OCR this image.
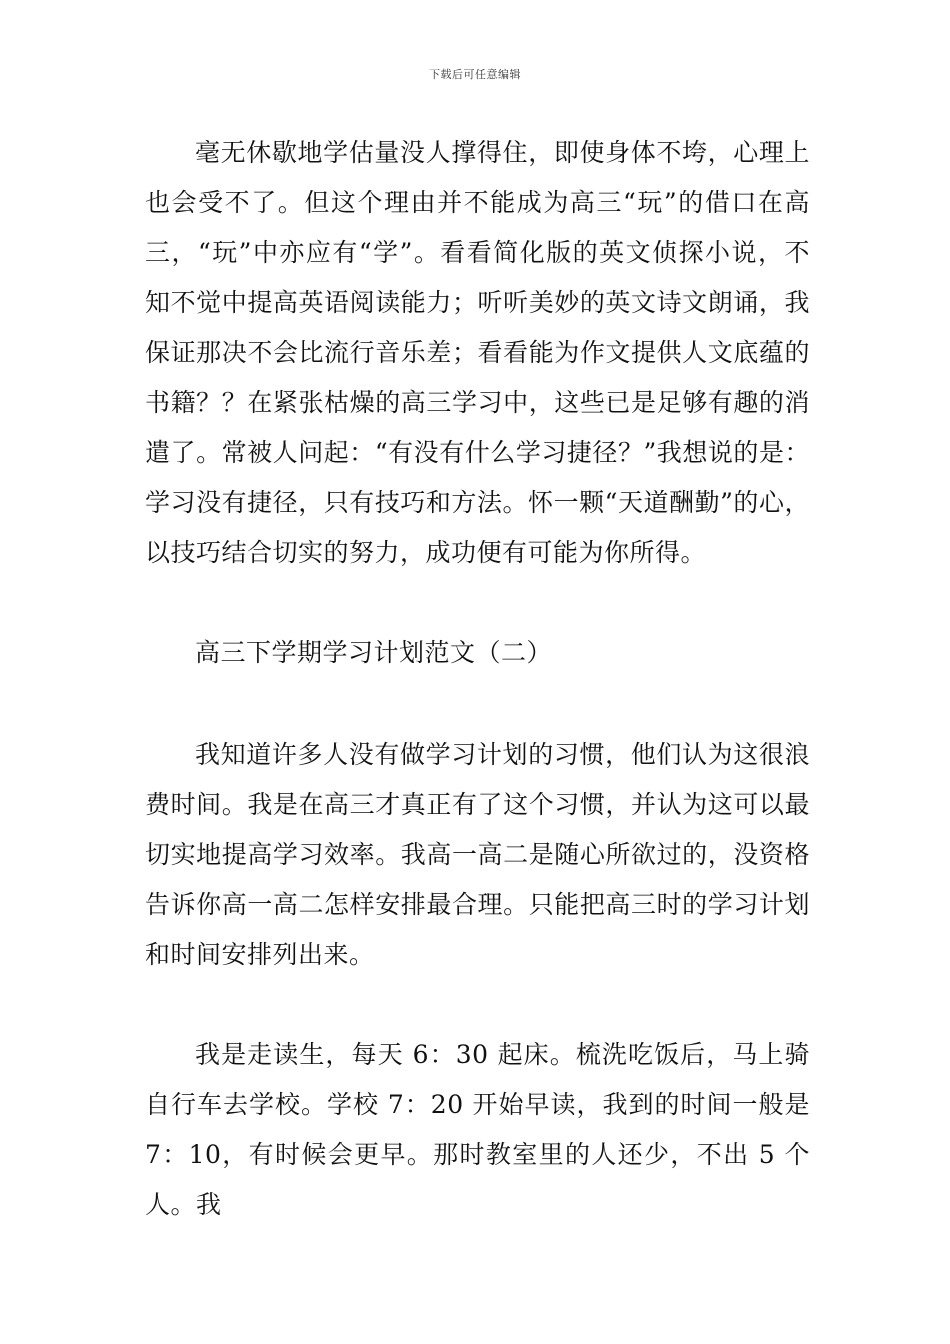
下载后可任意编辑

毫无休歇地学估量没人撑得住，即使身体不垮，心理上也会受不了。但这个理由并不能成为高三“玩”的借口在高三，“玩”中亦应有“学”。看看简化版的英文侦探小说，不知不觉中提高英语阅读能力；听听美妙的英文诗文朗诵，我保证那决不会比流行音乐差；看看能为作文提供人文底蕴的书籍？？在紧张枯燥的高三学习中，这些已是足够有趣的消遣了。常被人问起：“有没有什么学习捷径？”我想说的是：学习没有捷径，只有技巧和方法。怀一颗“天道酬勤”的心，以技巧结合切实的努力，成功便有可能为你所得。

高三下学期学习计划范文（二）

我知道许多人没有做学习计划的习惯，他们认为这很浪费时间。我是在高三才真正有了这个习惯，并认为这可以最切实地提高学习效率。我高一高二是随心所欲过的，没资格告诉你高一高二怎样安排最合理。只能把高三时的学习计划和时间安排列出来。

我是走读生，每天 6：30 起床。梳洗吃饭后，马上骑自行车去学校。学校 7：20 开始早读，我到的时间一般是 7：10，有时候会更早。那时教室里的人还少，不出 5 个人。我
